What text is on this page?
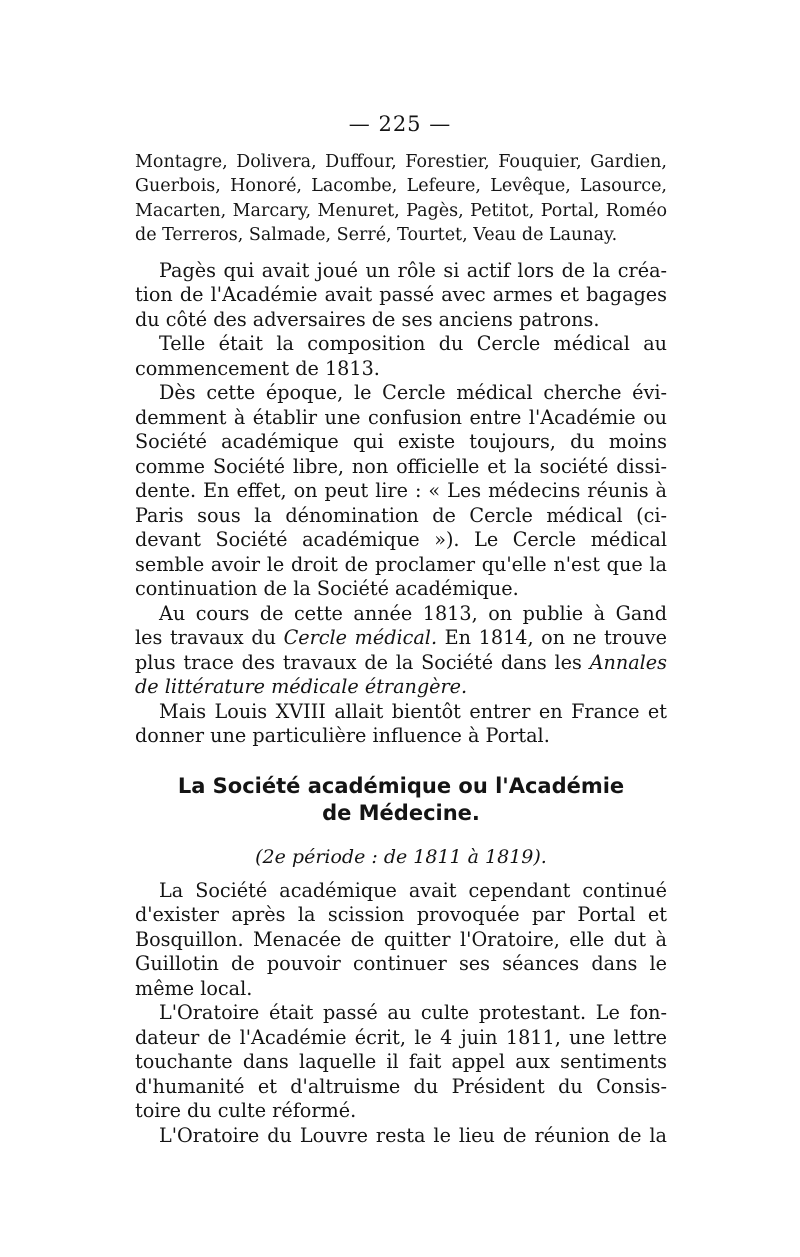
— 225 —
Montagre, Dolivera, Duffour, Forestier, Fouquier, Gardien,
Guerbois, Honoré, Lacombe, Lefeure, Levêque, Lasource,
Macarten, Marcary, Menuret, Pagès, Petitot, Portal, Roméo
de Terreros, Salmade, Serré, Tourtet, Veau de Launay.
Pagès qui avait joué un rôle si actif lors de la créa-
tion de l'Académie avait passé avec armes et bagages
du côté des adversaires de ses anciens patrons.
Telle était la composition du Cercle médical au
commencement de 1813.
Dès cette époque, le Cercle médical cherche évi-
demment à établir une confusion entre l'Académie ou
Société académique qui existe toujours, du moins
comme Société libre, non officielle et la société dissi-
dente. En effet, on peut lire : « Les médecins réunis à
Paris sous la dénomination de Cercle médical (ci-
devant Société académique »). Le Cercle médical
semble avoir le droit de proclamer qu'elle n'est que la
continuation de la Société académique.
Au cours de cette année 1813, on publie à Gand
les travaux du Cercle médical. En 1814, on ne trouve
plus trace des travaux de la Société dans les Annales
de littérature médicale étrangère.
Mais Louis XVIII allait bientôt entrer en France et
donner une particulière influence à Portal.
La Société académique ou l'Académie
de Médecine.
(2e période : de 1811 à 1819).
La Société académique avait cependant continué
d'exister après la scission provoquée par Portal et
Bosquillon. Menacée de quitter l'Oratoire, elle dut à
Guillotin de pouvoir continuer ses séances dans le
même local.
L'Oratoire était passé au culte protestant. Le fon-
dateur de l'Académie écrit, le 4 juin 1811, une lettre
touchante dans laquelle il fait appel aux sentiments
d'humanité et d'altruisme du Président du Consis-
toire du culte réformé.
L'Oratoire du Louvre resta le lieu de réunion de la
